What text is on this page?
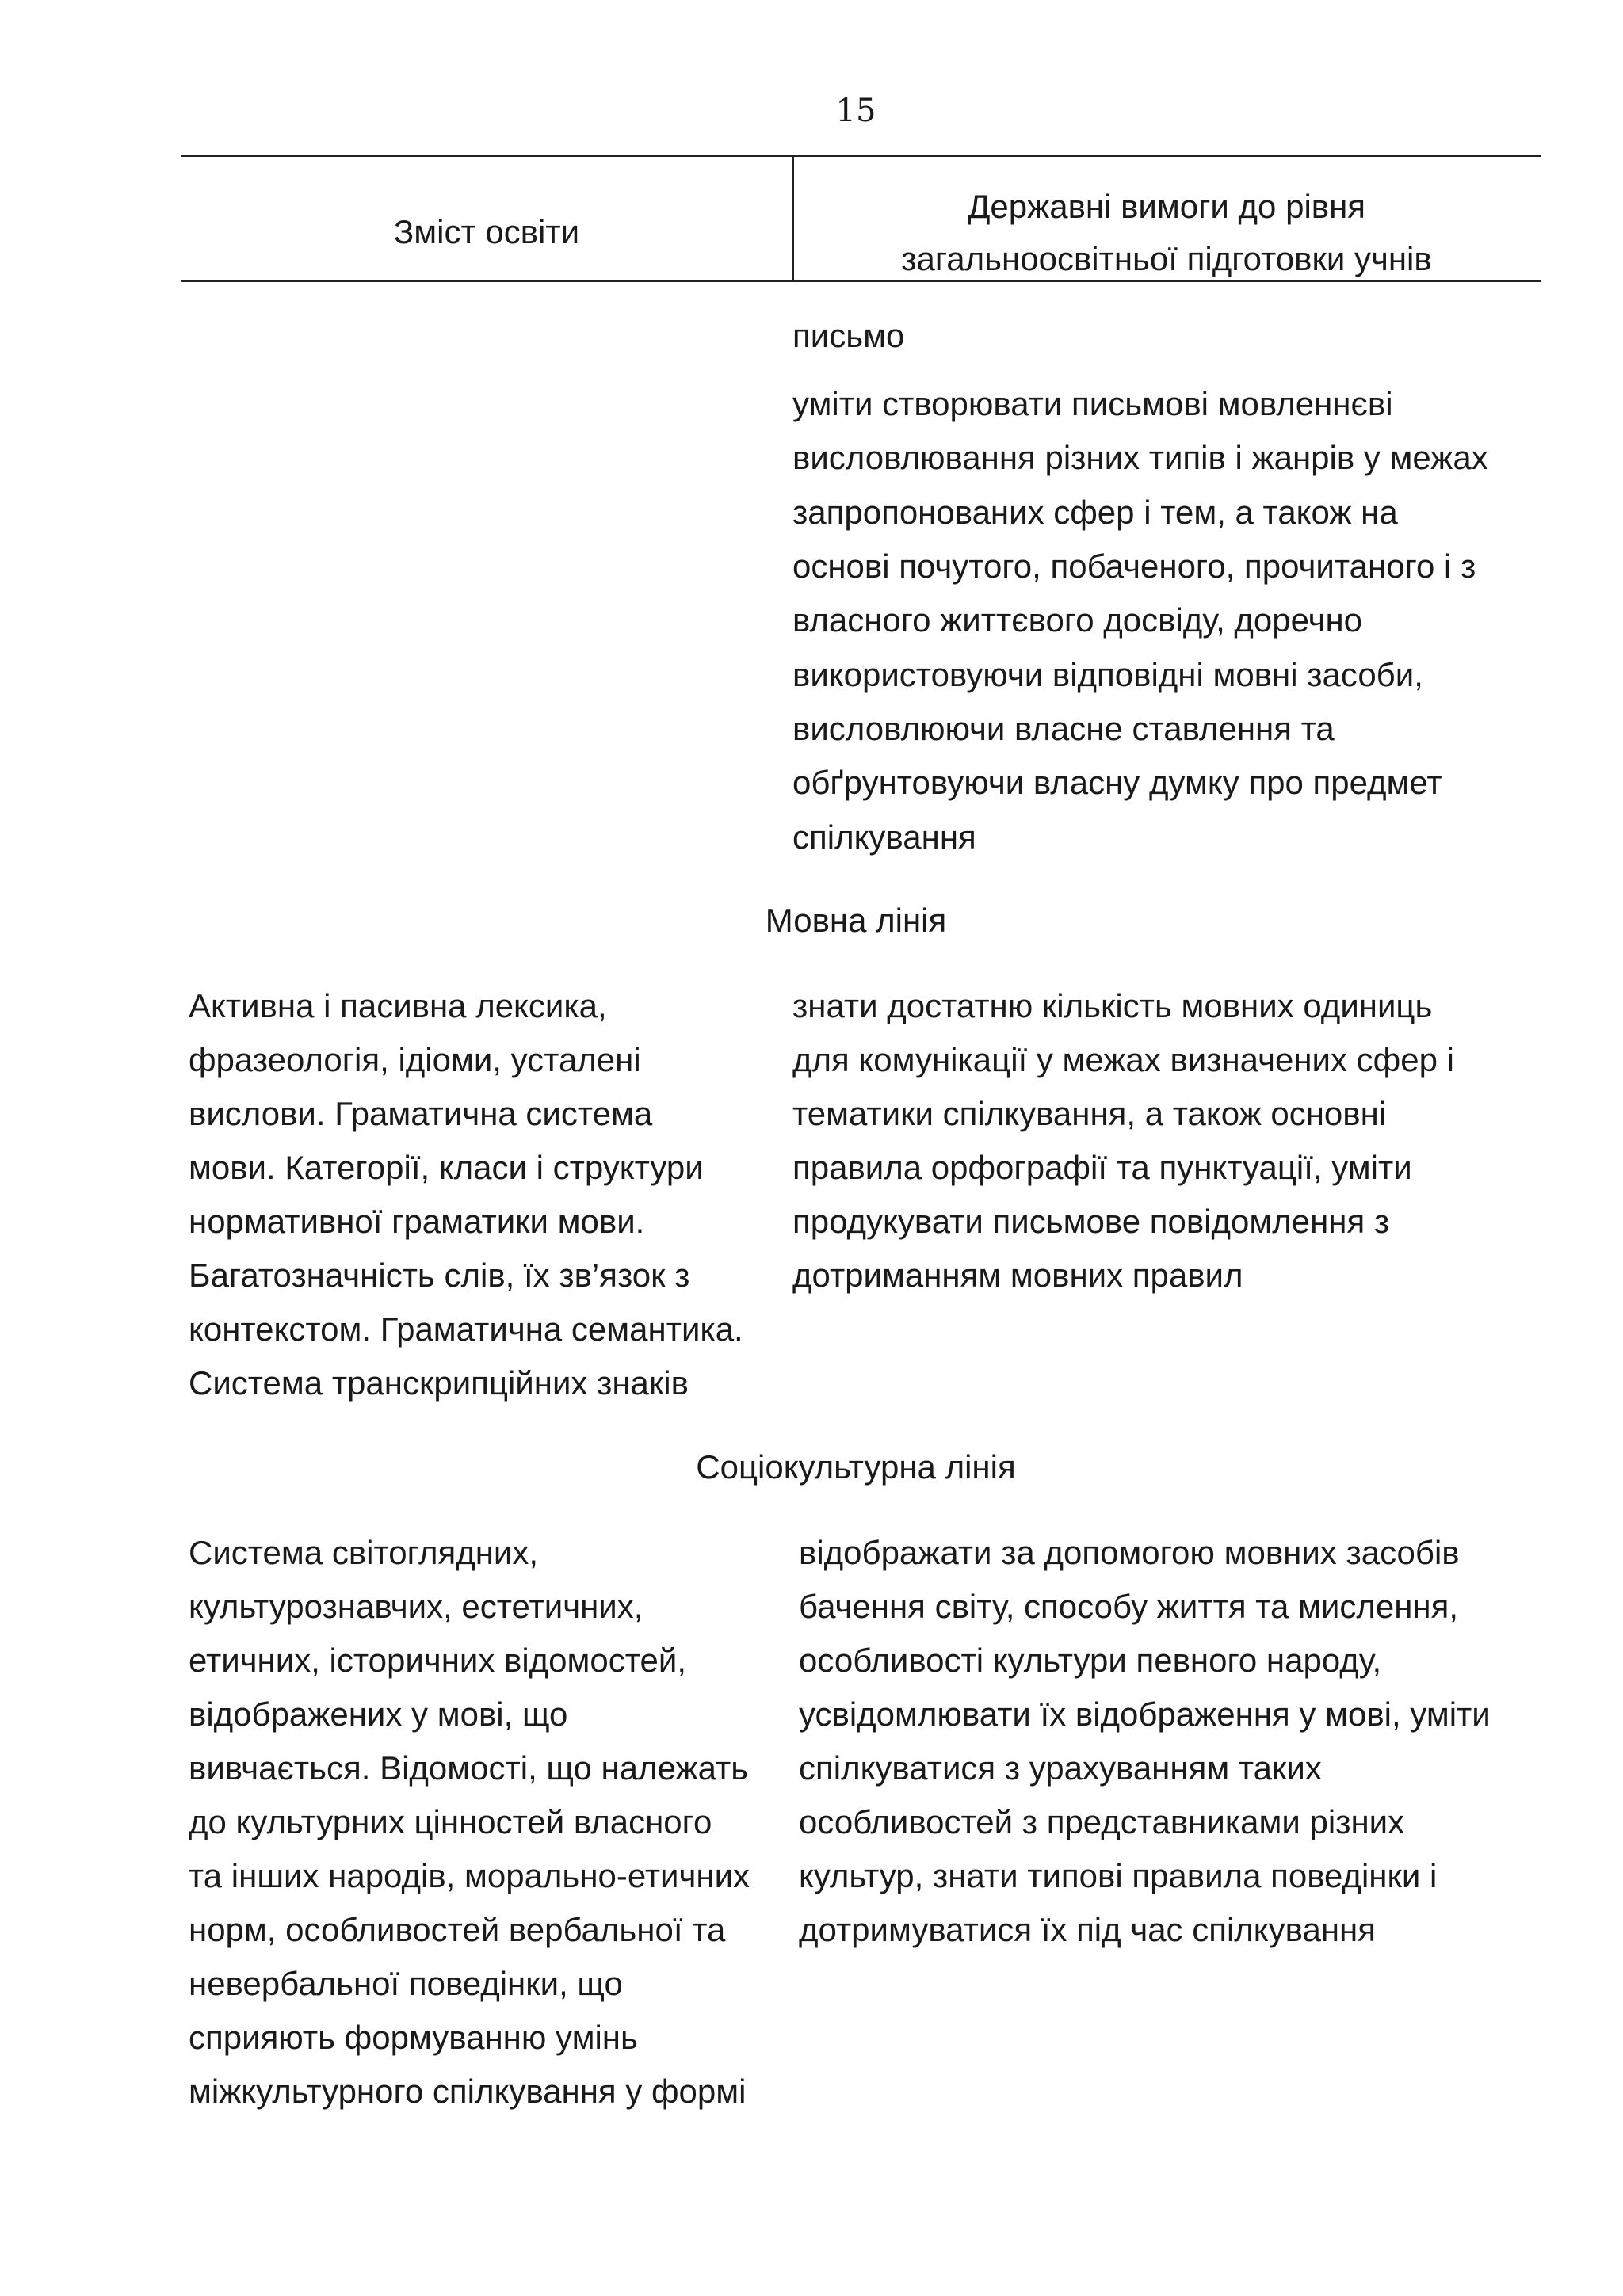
15
Зміст освіти
Державні вимоги до рівня
загальноосвітньої підготовки учнів
письмо
уміти створювати письмові мовленнєві
висловлювання різних типів і жанрів у межах
запропонованих сфер і тем, а також на
основі почутого, побаченого, прочитаного і з
власного життєвого досвіду, доречно
використовуючи відповідні мовні засоби,
висловлюючи власне ставлення та
обґрунтовуючи власну думку про предмет
спілкування
Мовна лінія
Активна і пасивна лексика,
фразеологія, ідіоми, усталені
вислови. Граматична система
мови. Категорії, класи і структури
нормативної граматики мови.
Багатозначність слів, їх зв’язок з
контекстом. Граматична семантика.
Система транскрипційних знаків
знати достатню кількість мовних одиниць
для комунікації у межах визначених сфер і
тематики спілкування, а також основні
правила орфографії та пунктуації, уміти
продукувати письмове повідомлення з
дотриманням мовних правил
Соціокультурна лінія
Система світоглядних,
культурознавчих, естетичних,
етичних, історичних відомостей,
відображених у мові, що
вивчається. Відомості, що належать
до культурних цінностей власного
та інших народів, морально-етичних
норм, особливостей вербальної та
невербальної поведінки, що
сприяють формуванню умінь
міжкультурного спілкування у формі
відображати за допомогою мовних засобів
бачення світу, способу життя та мислення,
особливості культури певного народу,
усвідомлювати їх відображення у мові, уміти
спілкуватися з урахуванням таких
особливостей з представниками різних
культур, знати типові правила поведінки і
дотримуватися їх під час спілкування
